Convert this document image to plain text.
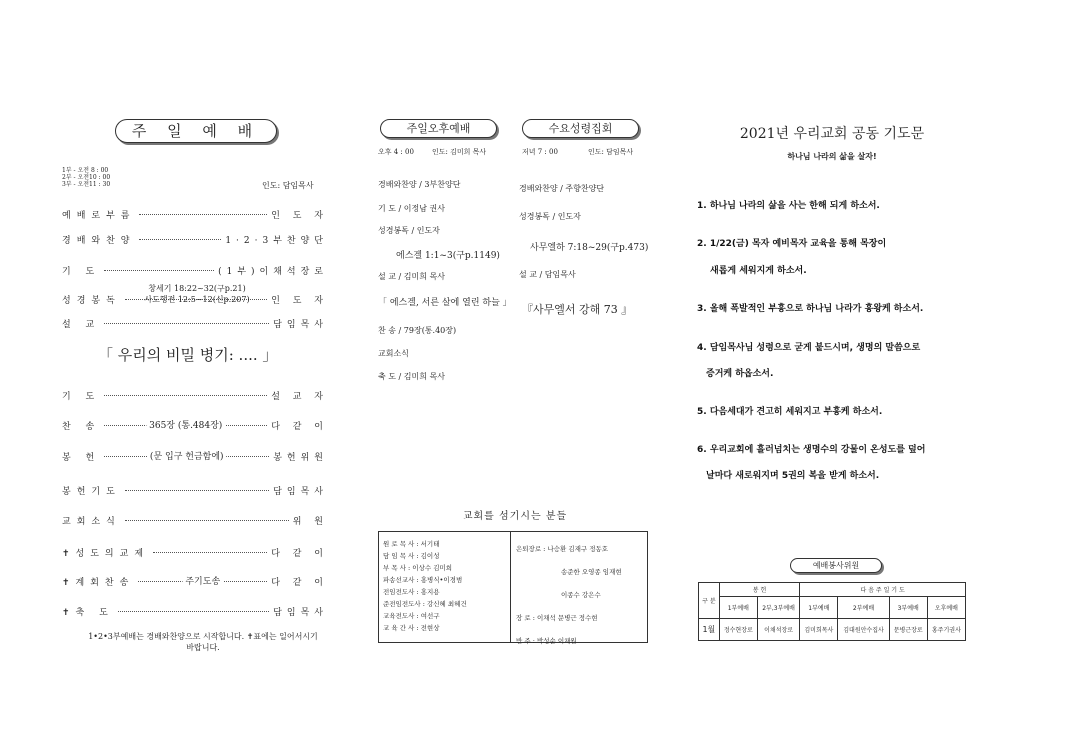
주 일 예 배
1부 - 오전 8 : 00
2부 - 오전10 : 00
3부 - 오전11 : 30	인도: 담임목사
예배로부름	인 도 자
경배와찬양	1·2·3부찬양단
기 도	(1부)이채석장로
성경봉독	인 도 자
설 교	담임목사
창세기 18:22~32(구p.21)
사도행전 12:5~12(신p.207)
「 우리의 비밀 병기: .... 」
기 도	설 교 자
찬 송	365장 (통.484장)	다 같 이
봉 헌	(문 입구 헌금함에)	봉헌위원
봉헌기도	담임목사
교회소식	위 원
✝성도의교제	다 같 이
✝계회찬송	주기도송	다 같 이
✝축 도	담임목사
1•2•3부예배는 경배와찬양으로 시작합니다. ✝표에는 일어서시기
바랍니다.
주일오후예배	수요성령집회
오후 4 : 00	인도: 김미희 목사	저녁 7 : 00	인도: 담임목사
경배와찬양 / 3부찬양단
기 도 / 이정남 권사
성경봉독 / 인도자
에스겔 1:1~3(구p.1149)
설 교 / 김미희 목사
「 에스겔, 서른 살에 열린 하늘 」
찬 송 / 79장(통.40장)
교회소식
축 도 / 김미희 목사
경배와찬양 / 주향찬양단
성경봉독 / 인도자
사무엘하 7:18~29(구p.473)
설 교 / 담임목사
『사무엘서 강해 73 』
교회를 섬기시는 분들
원 로 목 사 : 서기태
담 임 목 사 : 김이성
부 목 사 : 이상수 김미희
파송선교사 : 홍병식•이경범
전임전도사 : 홍지용
준전임전도사 : 강신혜 최혜건
교육전도사 : 여선구
교 육 간 사 : 전현상
은퇴장로 : 나승환 김재구 정동호
송준한 오영종 임재현
이종수 강은수
장 로 : 이채석 문병근 정수현
반 주 : 박성순 이채원
2021년 우리교회 공동 기도문
하나님 나라의 삶을 살자!
1. 하나님 나라의 삶을 사는 한해 되게 하소서.
2. 1/22(금) 목자 예비목자 교육을 통해 목장이
새롭게 세워지게 하소서.
3. 올해 폭발적인 부흥으로 하나님 나라가 흥왕케 하소서.
4. 담임목사님 성령으로 굳게 붙드시며, 생명의 말씀으로
증거케 하옵소서.
5. 다음세대가 견고히 세워지고 부흥케 하소서.
6. 우리교회에 흘러넘치는 생명수의 강물이 온성도를 덮어
날마다 새로워지며 5권의 복을 받게 하소서.
예배봉사위원
구 분	봉 헌		다 음 주 일 기 도			
	1부예배	2부,3부예배	1부예배	2부예배	3부예배	오후예배
1월	정수현장로	이채석장로	김미희목사	김대원안수집사	문병근장로	홍주기권사
